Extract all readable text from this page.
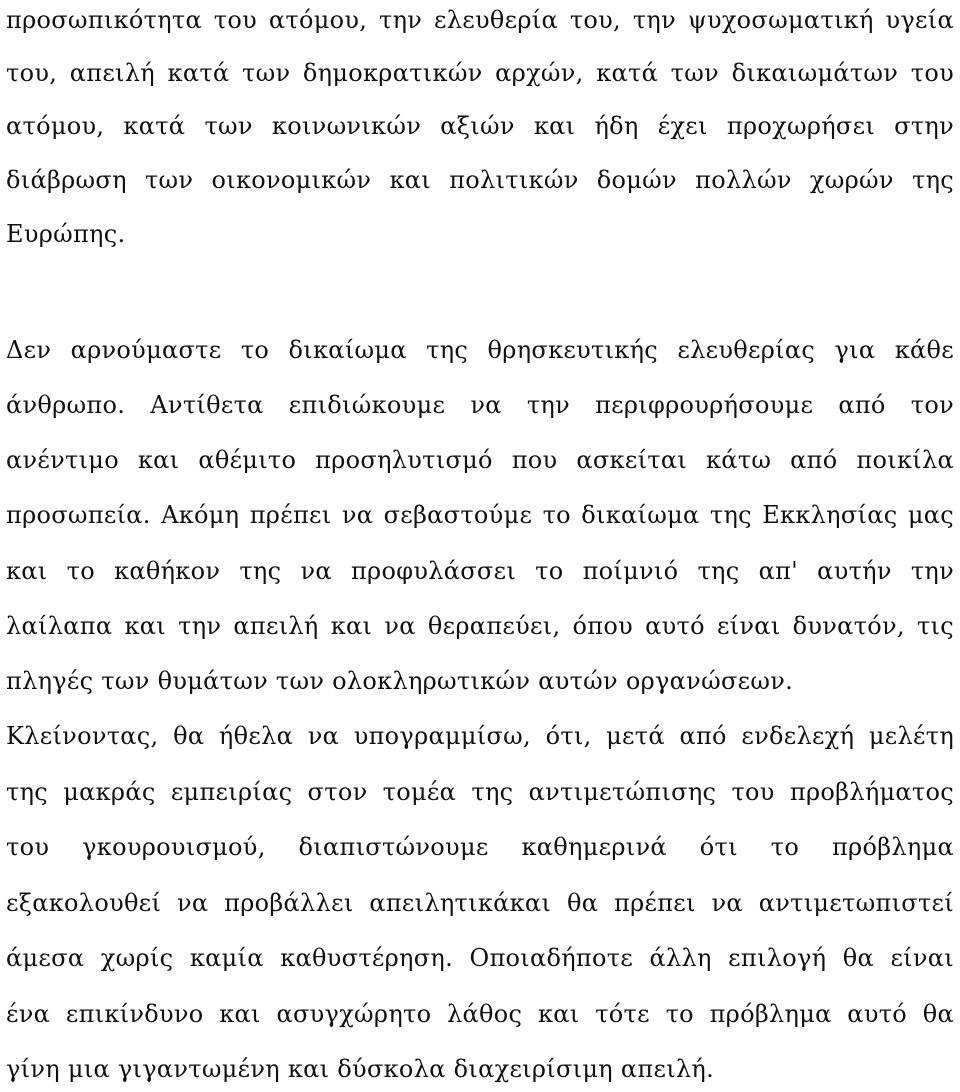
προσωπικότητα του ατόμου, την ελευθερία του, την ψυχοσωματική υγεία
του, απειλή κατά των δημοκρατικών αρχών, κατά των δικαιωμάτων του
ατόμου, κατά των κοινωνικών αξιών και ήδη έχει προχωρήσει στην
διάβρωση των οικονομικών και πολιτικών δομών πολλών χωρών της
Ευρώπης.
Δεν αρνούμαστε το δικαίωμα της θρησκευτικής ελευθερίας για κάθε
άνθρωπο. Αντίθετα επιδιώκουμε να την περιφρουρήσουμε από τον
ανέντιμο και αθέμιτο προσηλυτισμό που ασκείται κάτω από ποικίλα
προσωπεία. Ακόμη πρέπει να σεβαστούμε το δικαίωμα της Εκκλησίας μας
και το καθήκον της να προφυλάσσει το ποίμνιό της απ' αυτήν την
λαίλαπα και την απειλή και να θεραπεύει, όπου αυτό είναι δυνατόν, τις
πληγές των θυμάτων των ολοκληρωτικών αυτών οργανώσεων.
Κλείνοντας, θα ήθελα να υπογραμμίσω, ότι, μετά από ενδελεχή μελέτη
της μακράς εμπειρίας στον τομέα της αντιμετώπισης του προβλήματος
του γκουρουισμού, διαπιστώνουμε καθημερινά ότι το πρόβλημα
εξακολουθεί να προβάλλει απειλητικάκαι θα πρέπει να αντιμετωπιστεί
άμεσα χωρίς καμία καθυστέρηση. Οποιαδήποτε άλλη επιλογή θα είναι
ένα επικίνδυνο και ασυγχώρητο λάθος και τότε το πρόβλημα αυτό θα
γίνη μια γιγαντωμένη και δύσκολα διαχειρίσιμη απειλή.
